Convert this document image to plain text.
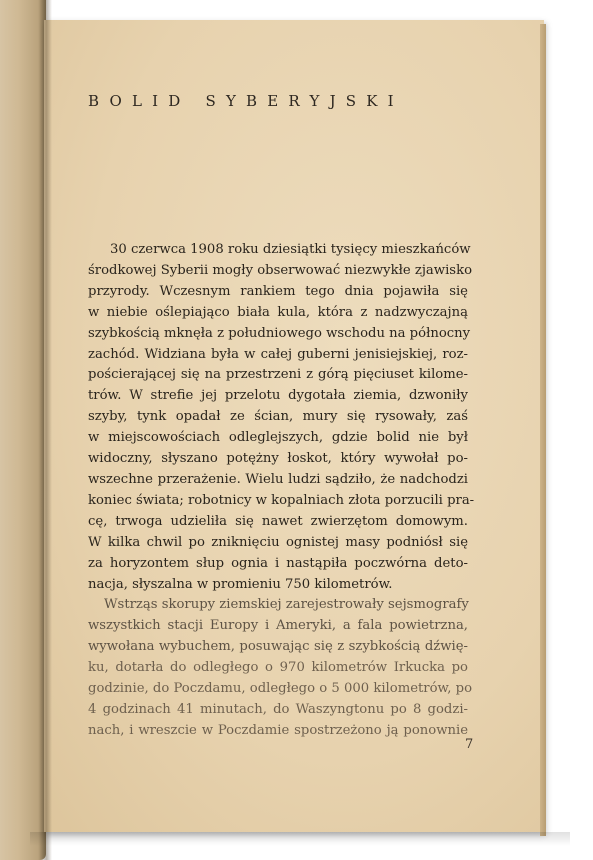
BOLID SYBERYJSKI
30 czerwca 1908 roku dziesiątki tysięcy mieszkańców
środkowej Syberii mogły obserwować niezwykłe zjawisko
przyrody. Wczesnym rankiem tego dnia pojawiła się
w niebie oślepiająco biała kula, która z nadzwyczajną
szybkością mknęła z południowego wschodu na północny
zachód. Widziana była w całej guberni jenisiejskiej, roz-
pościerającej się na przestrzeni z górą pięciuset kilome-
trów. W strefie jej przelotu dygotała ziemia, dzwoniły
szyby, tynk opadał ze ścian, mury się rysowały, zaś
w miejscowościach odleglejszych, gdzie bolid nie był
widoczny, słyszano potężny łoskot, który wywołał po-
wszechne przerażenie. Wielu ludzi sądziło, że nadchodzi
koniec świata; robotnicy w kopalniach złota porzucili pra-
cę, trwoga udzieliła się nawet zwierzętom domowym.
W kilka chwil po zniknięciu ognistej masy podniósł się
za horyzontem słup ognia i nastąpiła poczwórna deto-
nacja, słyszalna w promieniu 750 kilometrów.
Wstrząs skorupy ziemskiej zarejestrowały sejsmografy
wszystkich stacji Europy i Ameryki, a fala powietrzna,
wywołana wybuchem, posuwając się z szybkością dźwię-
ku, dotarła do odległego o 970 kilometrów Irkucka po
godzinie, do Poczdamu, odległego o 5 000 kilometrów, po
4 godzinach 41 minutach, do Waszyngtonu po 8 godzi-
nach, i wreszcie w Poczdamie spostrzeżono ją ponownie
7
